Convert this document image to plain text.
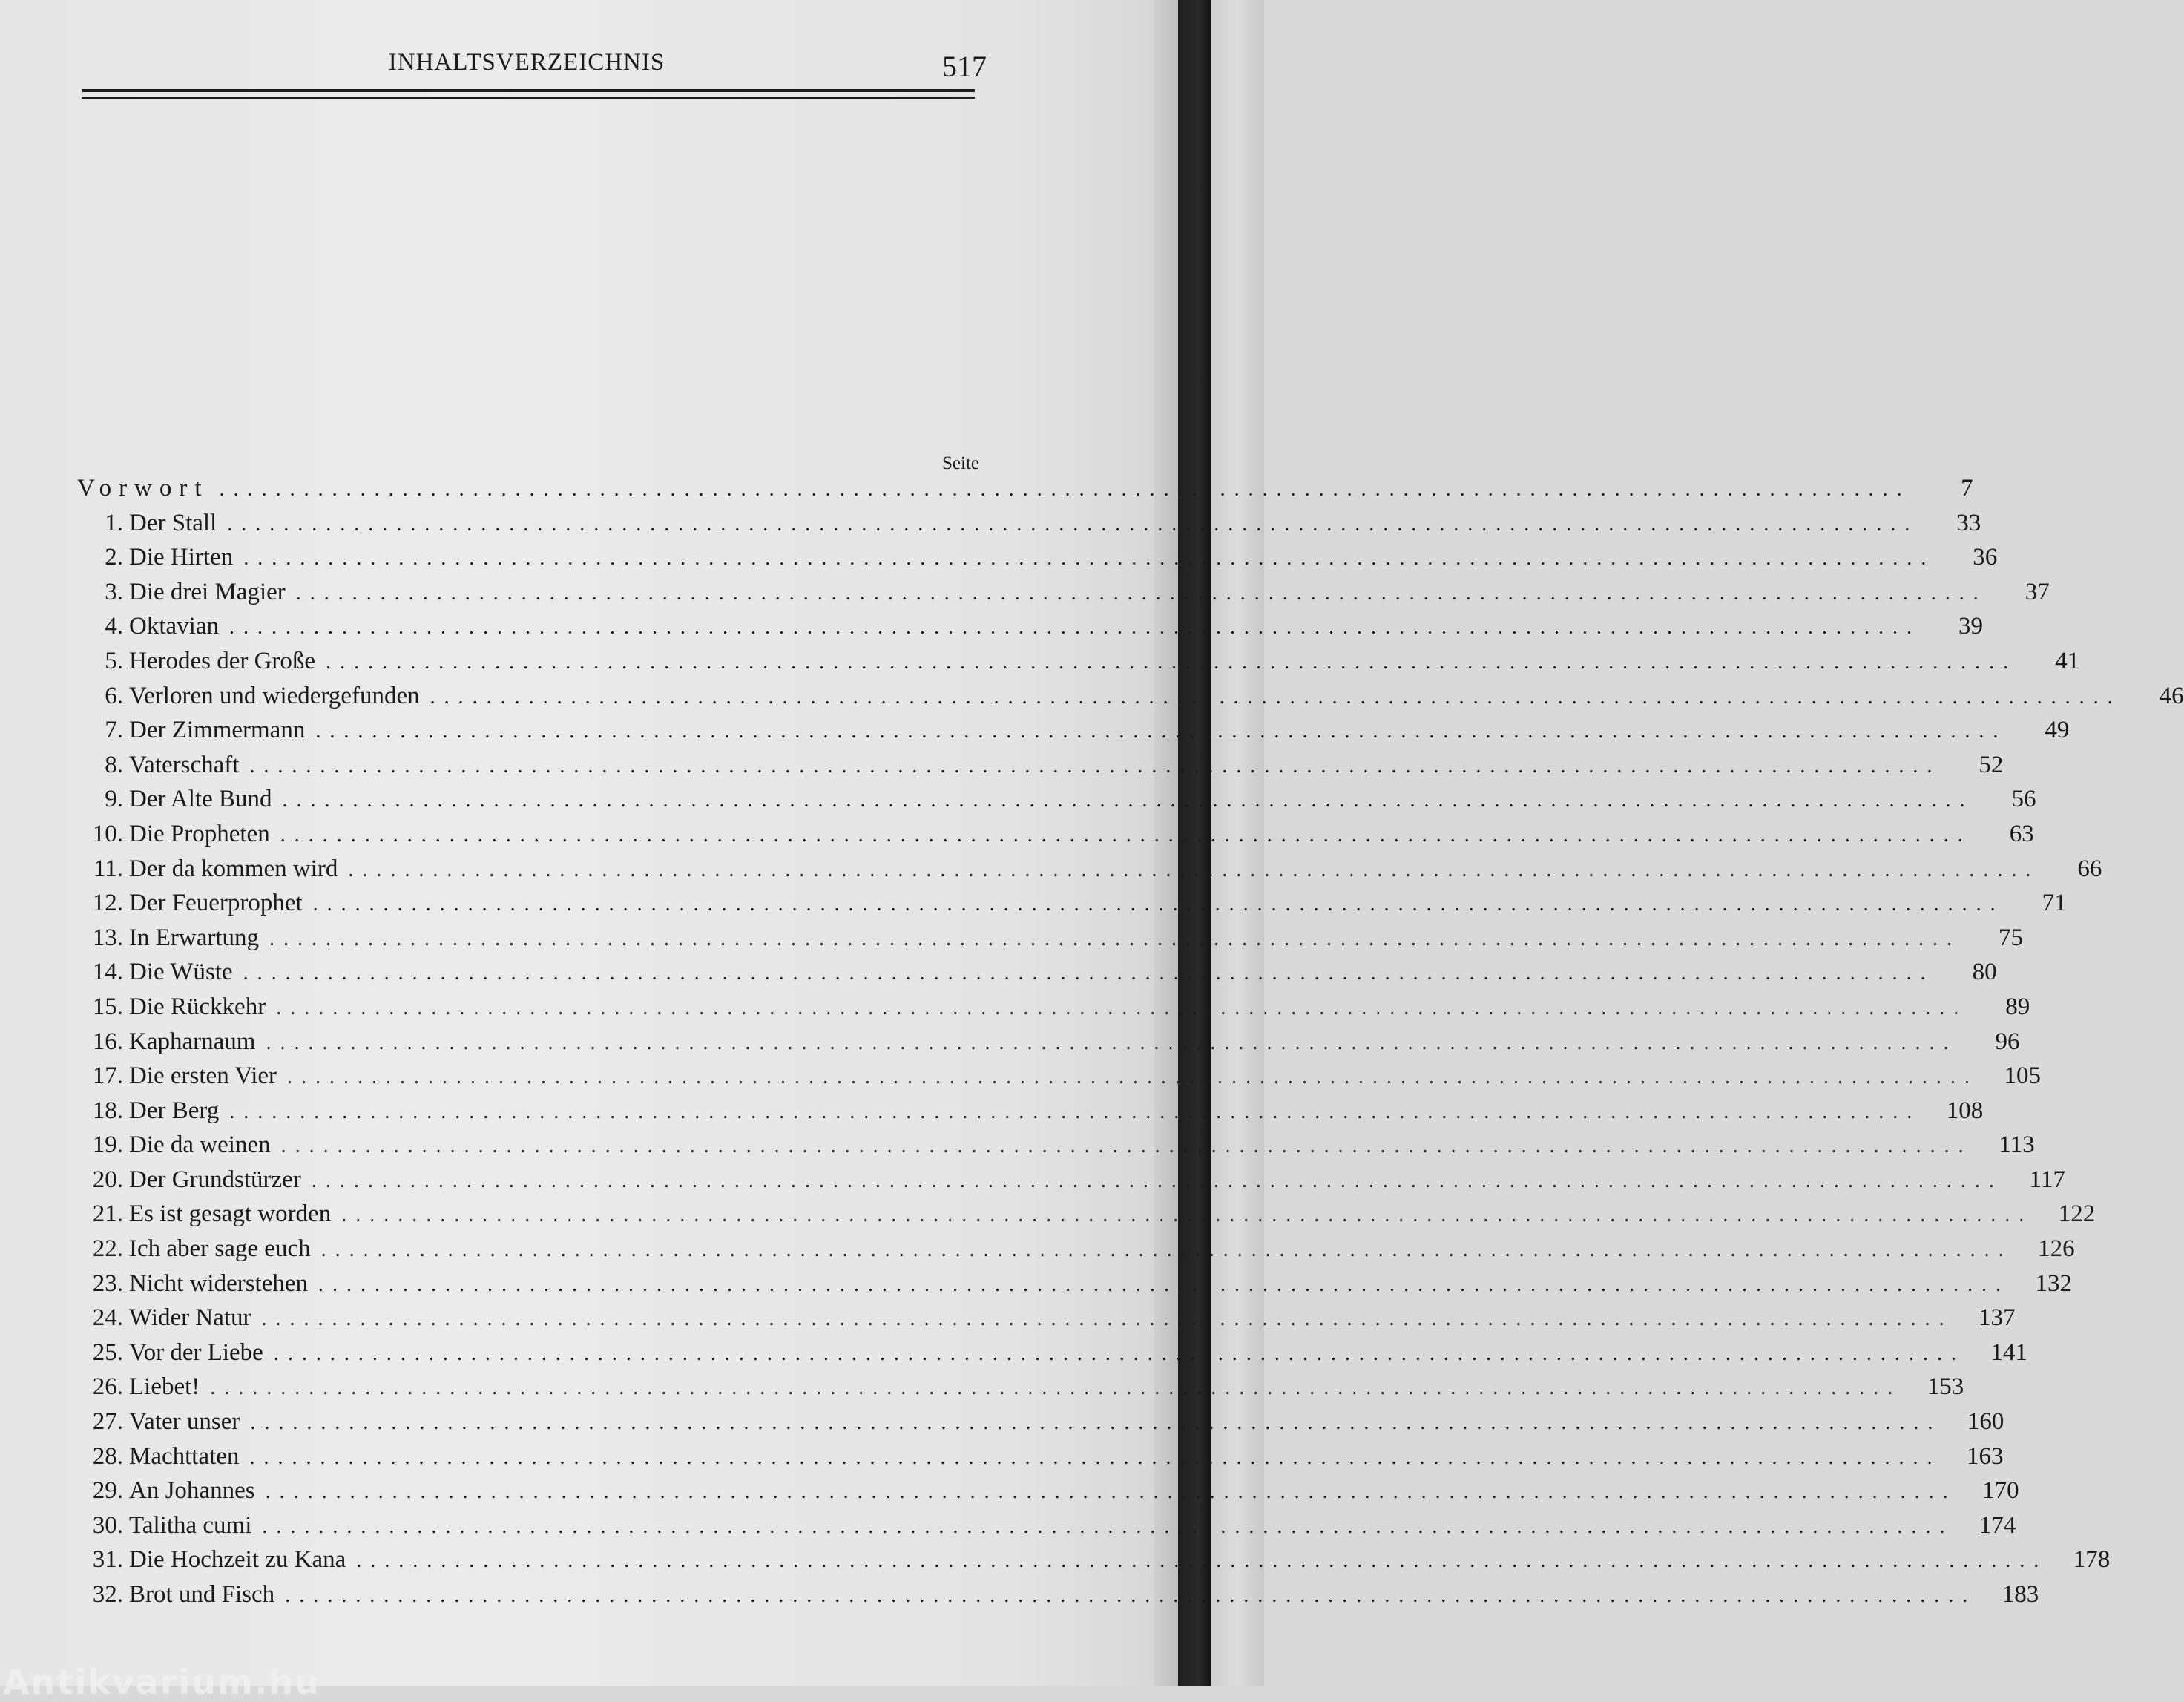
INHALTSVERZEICHNIS	517
Seite
Vorwort ........................................................................................................................	7
1. Der Stall ........................................................................................................................	33
2. Die Hirten ........................................................................................................................	36
3. Die drei Magier ........................................................................................................................	37
4. Oktavian ........................................................................................................................	39
5. Herodes der Große ........................................................................................................................	41
6. Verloren und wiedergefunden ........................................................................................................................	46
7. Der Zimmermann ........................................................................................................................	49
8. Vaterschaft ........................................................................................................................	52
9. Der Alte Bund ........................................................................................................................	56
10. Die Propheten ........................................................................................................................	63
11. Der da kommen wird ........................................................................................................................	66
12. Der Feuerprophet ........................................................................................................................	71
13. In Erwartung ........................................................................................................................	75
14. Die Wüste ........................................................................................................................	80
15. Die Rückkehr ........................................................................................................................	89
16. Kapharnaum ........................................................................................................................	96
17. Die ersten Vier ........................................................................................................................	105
18. Der Berg ........................................................................................................................	108
19. Die da weinen ........................................................................................................................	113
20. Der Grundstürzer ........................................................................................................................	117
21. Es ist gesagt worden ........................................................................................................................	122
22. Ich aber sage euch ........................................................................................................................	126
23. Nicht widerstehen ........................................................................................................................	132
24. Wider Natur ........................................................................................................................	137
25. Vor der Liebe ........................................................................................................................	141
26. Liebet! ........................................................................................................................	153
27. Vater unser ........................................................................................................................	160
28. Machttaten ........................................................................................................................	163
29. An Johannes ........................................................................................................................	170
30. Talitha cumi ........................................................................................................................	174
31. Die Hochzeit zu Kana ........................................................................................................................	178
32. Brot und Fisch ........................................................................................................................	183
Antikvarium.hu
